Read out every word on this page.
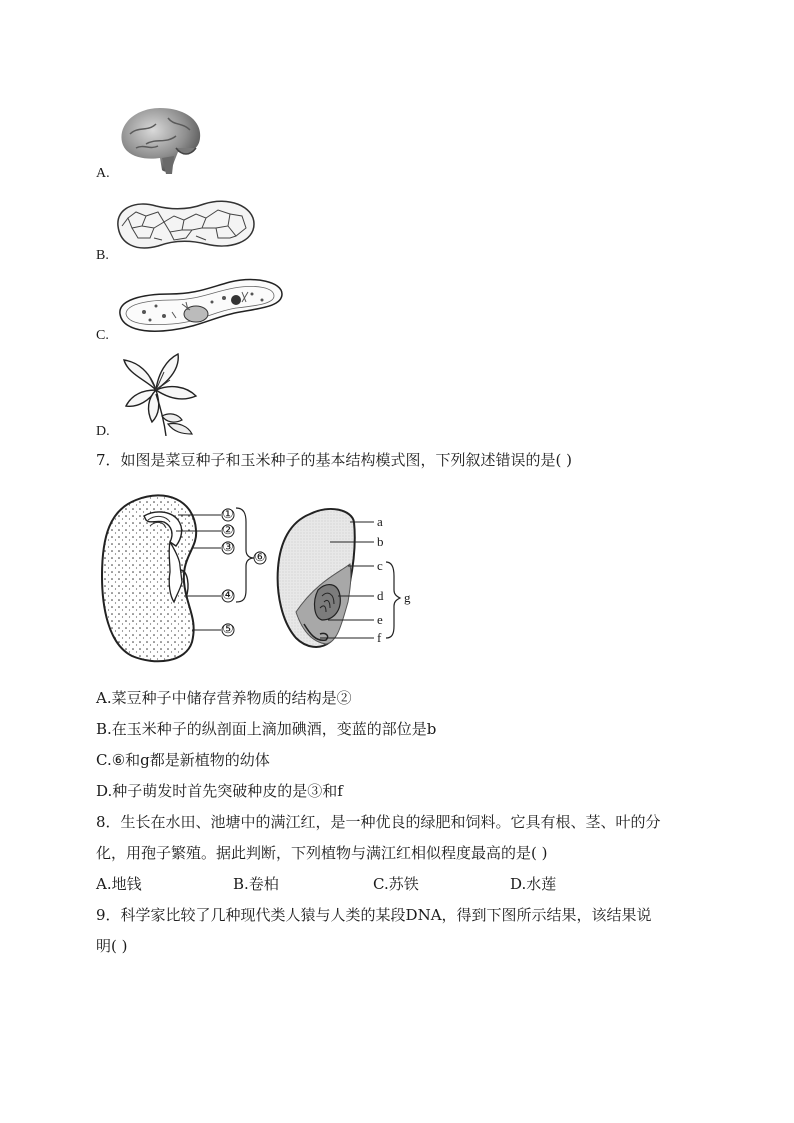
A.
B.
C.
D.
7．如图是菜豆种子和玉米种子的基本结构模式图，下列叙述错误的是( )
①
②
③
④
⑤
⑥
a
b
c
d
e
f
g
A.菜豆种子中储存营养物质的结构是②
B.在玉米种子的纵剖面上滴加碘酒，变蓝的部位是b
C.⑥和g都是新植物的幼体
D.种子萌发时首先突破种皮的是③和f
8．生长在水田、池塘中的满江红，是一种优良的绿肥和饲料。它具有根、茎、叶的分
化，用孢子繁殖。据此判断，下列植物与满江红相似程度最高的是( )
A.地钱	B.卷柏	C.苏铁	D.水莲
9．科学家比较了几种现代类人猿与人类的某段DNA，得到下图所示结果，该结果说
明( )
